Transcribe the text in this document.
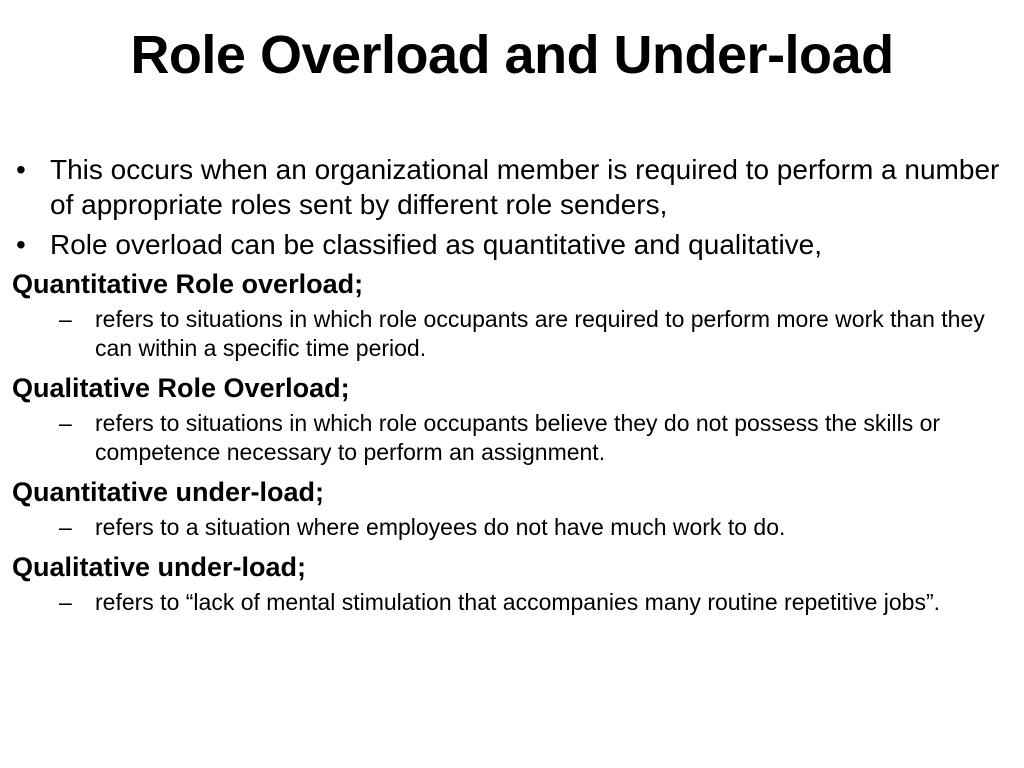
Role Overload and Under-load
• This occurs when an organizational member is required to perform a number of appropriate roles sent by different role senders,
• Role overload can be classified as quantitative and qualitative,
Quantitative Role overload;
– refers to situations in which role occupants are required to perform more work than they can within a specific time period.
Qualitative Role Overload;
– refers to situations in which role occupants believe they do not possess the skills or competence necessary to perform an assignment.
Quantitative under-load;
– refers to a situation where employees do not have much work to do.
Qualitative under-load;
– refers to “lack of mental stimulation that accompanies many routine repetitive jobs”.
